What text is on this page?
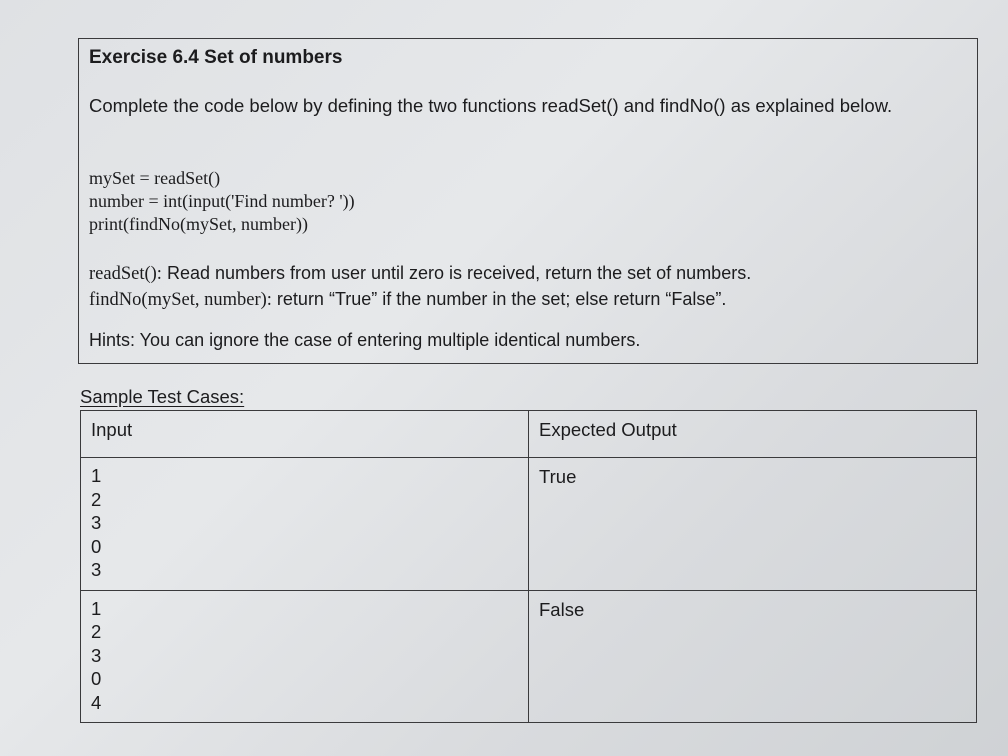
Exercise 6.4 Set of numbers
Complete the code below by defining the two functions readSet() and findNo() as explained below.
mySet = readSet()
number = int(input('Find number? '))
print(findNo(mySet, number))
readSet(): Read numbers from user until zero is received, return the set of numbers.
findNo(mySet, number): return “True” if the number in the set; else return “False”.
Hints: You can ignore the case of entering multiple identical numbers.
Sample Test Cases:
Input	Expected Output

1
2
3
0
3	True

1
2
3
0
4	False
